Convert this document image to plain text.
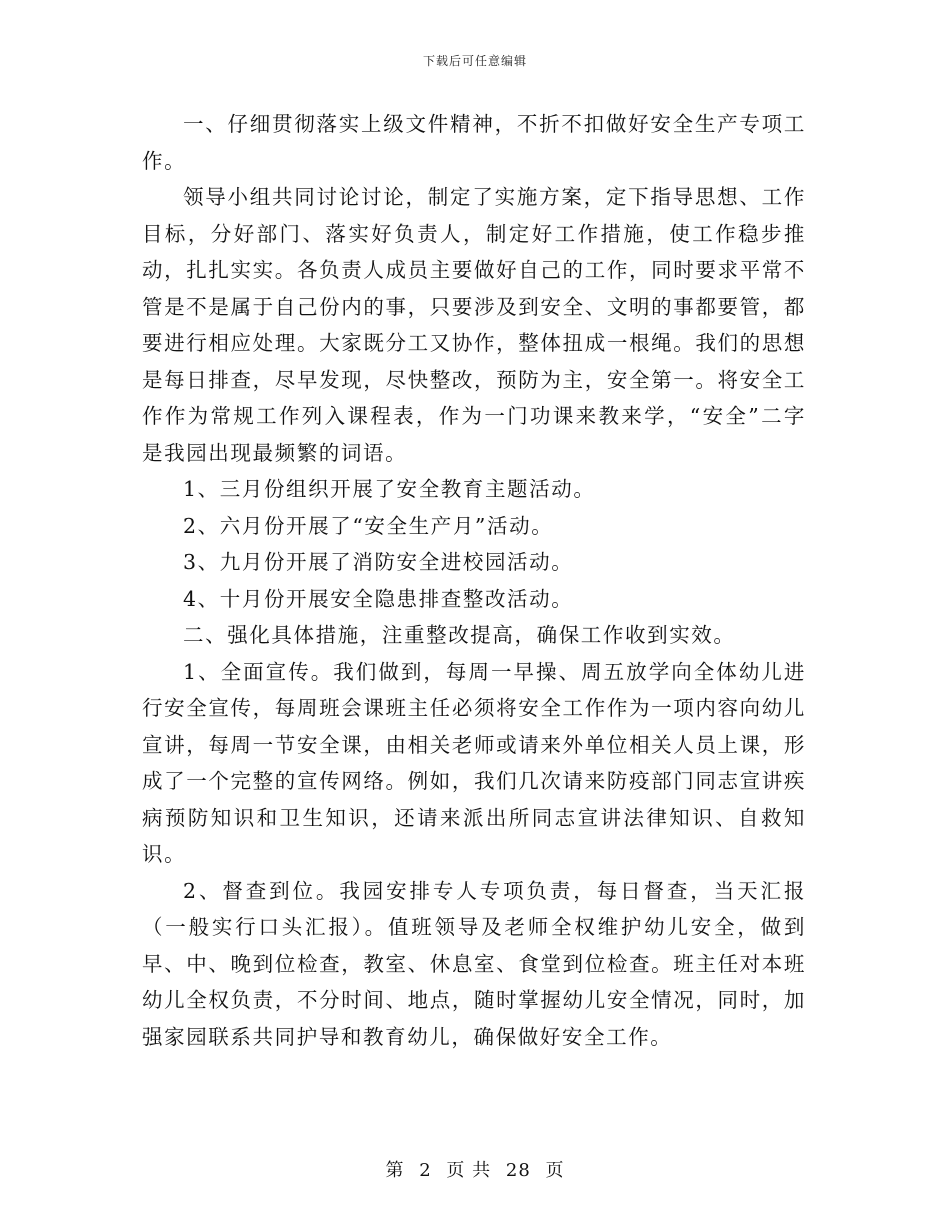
下载后可任意编辑

一、仔细贯彻落实上级文件精神，不折不扣做好安全生产专项工作。

领导小组共同讨论讨论，制定了实施方案，定下指导思想、工作目标，分好部门、落实好负责人，制定好工作措施，使工作稳步推动，扎扎实实。各负责人成员主要做好自己的工作，同时要求平常不管是不是属于自己份内的事，只要涉及到安全、文明的事都要管，都要进行相应处理。大家既分工又协作，整体扭成一根绳。我们的思想是每日排查，尽早发现，尽快整改，预防为主，安全第一。将安全工作作为常规工作列入课程表，作为一门功课来教来学，“安全”二字是我园出现最频繁的词语。

1、三月份组织开展了安全教育主题活动。

2、六月份开展了“安全生产月”活动。

3、九月份开展了消防安全进校园活动。

4、十月份开展安全隐患排查整改活动。

二、强化具体措施，注重整改提高，确保工作收到实效。

1、全面宣传。我们做到，每周一早操、周五放学向全体幼儿进行安全宣传，每周班会课班主任必须将安全工作作为一项内容向幼儿宣讲，每周一节安全课，由相关老师或请来外单位相关人员上课，形成了一个完整的宣传网络。例如，我们几次请来防疫部门同志宣讲疾病预防知识和卫生知识，还请来派出所同志宣讲法律知识、自救知识。

2、督查到位。我园安排专人专项负责，每日督查，当天汇报（一般实行口头汇报）。值班领导及老师全权维护幼儿安全，做到早、中、晚到位检查，教室、休息室、食堂到位检查。班主任对本班幼儿全权负责，不分时间、地点，随时掌握幼儿安全情况，同时，加强家园联系共同护导和教育幼儿，确保做好安全工作。

第 2 页 共 28 页
